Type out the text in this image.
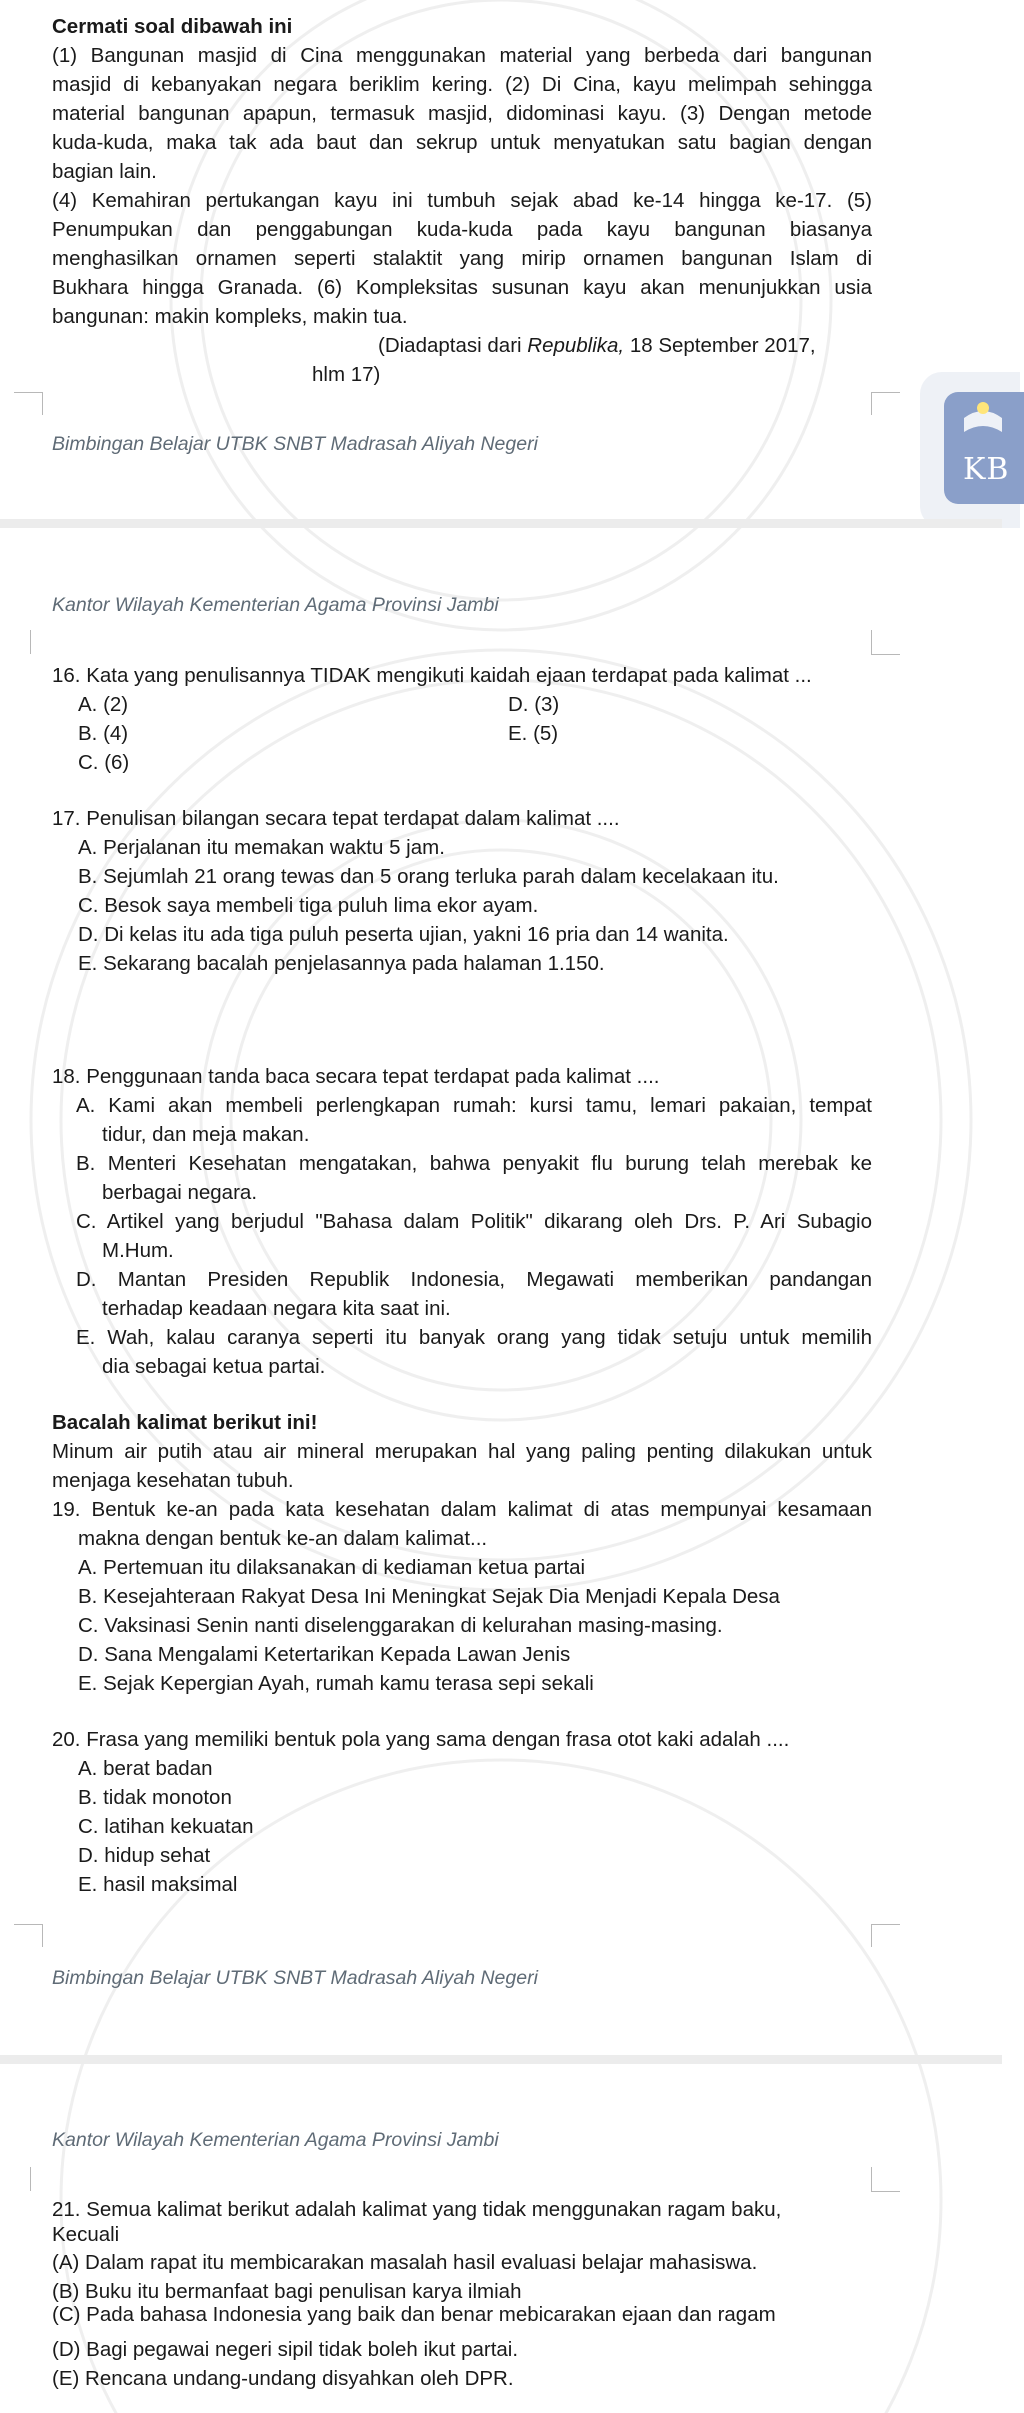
Cermati soal dibawah ini
(1) Bangunan masjid di Cina menggunakan material yang berbeda dari bangunan
masjid di kebanyakan negara beriklim kering. (2) Di Cina, kayu melimpah sehingga
material bangunan apapun, termasuk masjid, didominasi kayu. (3) Dengan metode
kuda-kuda, maka tak ada baut dan sekrup untuk menyatukan satu bagian dengan
bagian lain.
(4) Kemahiran pertukangan kayu ini tumbuh sejak abad ke-14 hingga ke-17. (5)
Penumpukan dan penggabungan kuda-kuda pada kayu bangunan biasanya
menghasilkan ornamen seperti stalaktit yang mirip ornamen bangunan Islam di
Bukhara hingga Granada. (6) Kompleksitas susunan kayu akan menunjukkan usia
bangunan: makin kompleks, makin tua.
(Diadaptasi dari Republika, 18 September 2017,
hlm 17)
Bimbingan Belajar UTBK SNBT Madrasah Aliyah Negeri
KB
Kantor Wilayah Kementerian Agama Provinsi Jambi
16. Kata yang penulisannya TIDAK mengikuti kaidah ejaan terdapat pada kalimat ...
A. (2)	D. (3)
B. (4)	E. (5)
C. (6)
17. Penulisan bilangan secara tepat terdapat dalam kalimat ....
A. Perjalanan itu memakan waktu 5 jam.
B. Sejumlah 21 orang tewas dan 5 orang terluka parah dalam kecelakaan itu.
C. Besok saya membeli tiga puluh lima ekor ayam.
D. Di kelas itu ada tiga puluh peserta ujian, yakni 16 pria dan 14 wanita.
E. Sekarang bacalah penjelasannya pada halaman 1.150.
18. Penggunaan tanda baca secara tepat terdapat pada kalimat ....
A. Kami akan membeli perlengkapan rumah: kursi tamu, lemari pakaian, tempat
tidur, dan meja makan.
B. Menteri Kesehatan mengatakan, bahwa penyakit flu burung telah merebak ke
berbagai negara.
C. Artikel yang berjudul "Bahasa dalam Politik" dikarang oleh Drs. P. Ari Subagio
M.Hum.
D. Mantan Presiden Republik Indonesia, Megawati memberikan pandangan
terhadap keadaan negara kita saat ini.
E. Wah, kalau caranya seperti itu banyak orang yang tidak setuju untuk memilih
dia sebagai ketua partai.
Bacalah kalimat berikut ini!
Minum air putih atau air mineral merupakan hal yang paling penting dilakukan untuk
menjaga kesehatan tubuh.
19. Bentuk ke-an pada kata kesehatan dalam kalimat di atas mempunyai kesamaan
makna dengan bentuk ke-an dalam kalimat...
A. Pertemuan itu dilaksanakan di kediaman ketua partai
B. Kesejahteraan Rakyat Desa Ini Meningkat Sejak Dia Menjadi Kepala Desa
C. Vaksinasi Senin nanti diselenggarakan di kelurahan masing-masing.
D. Sana Mengalami Ketertarikan Kepada Lawan Jenis
E. Sejak Kepergian Ayah, rumah kamu terasa sepi sekali
20. Frasa yang memiliki bentuk pola yang sama dengan frasa otot kaki adalah ....
A. berat badan
B. tidak monoton
C. latihan kekuatan
D. hidup sehat
E. hasil maksimal
Bimbingan Belajar UTBK SNBT Madrasah Aliyah Negeri
Kantor Wilayah Kementerian Agama Provinsi Jambi
21. Semua kalimat berikut adalah kalimat yang tidak menggunakan ragam baku,
Kecuali
(A) Dalam rapat itu membicarakan masalah hasil evaluasi belajar mahasiswa.
(B) Buku itu bermanfaat bagi penulisan karya ilmiah
(C) Pada bahasa Indonesia yang baik dan benar mebicarakan ejaan dan ragam
(D) Bagi pegawai negeri sipil tidak boleh ikut partai.
(E) Rencana undang-undang disyahkan oleh DPR.
